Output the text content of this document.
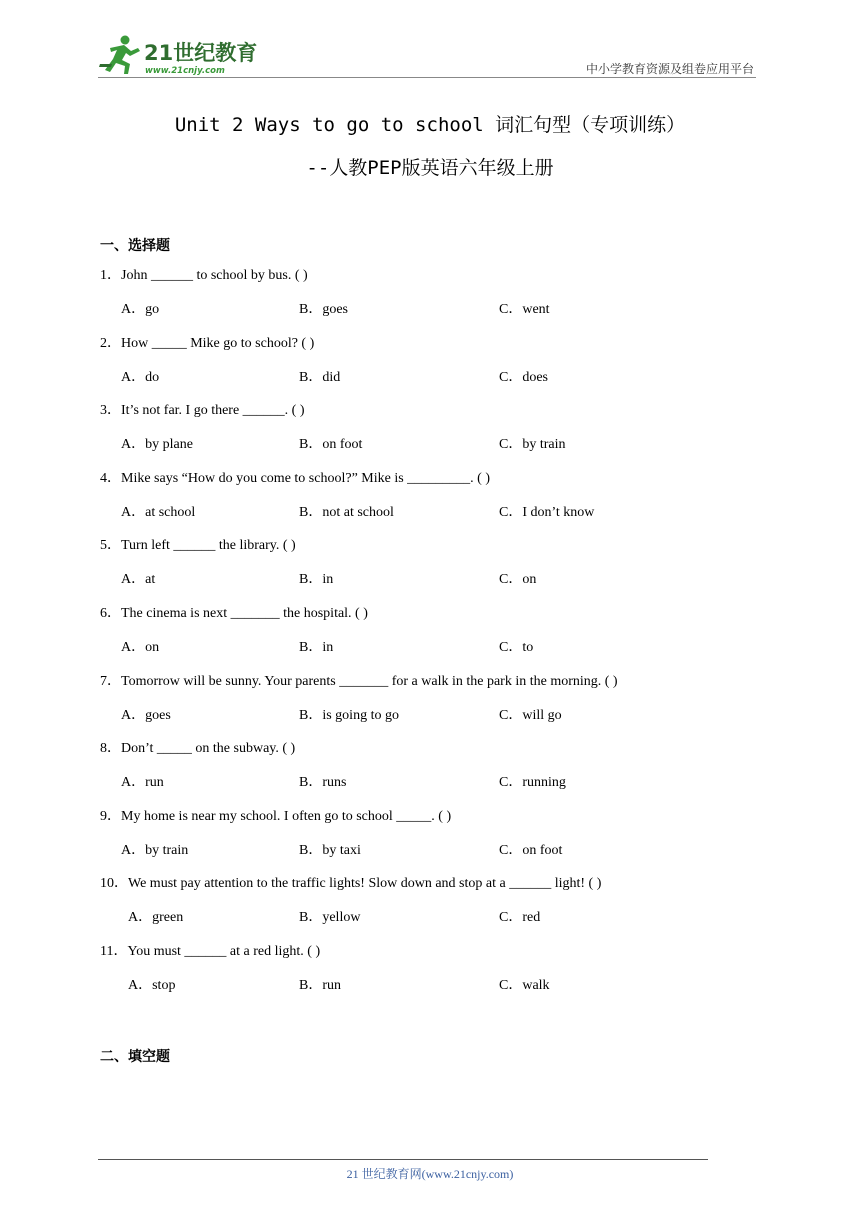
21世纪教育
www.21cnjy.com	中小学教育资源及组卷应用平台
Unit 2 Ways to go to school 词汇句型（专项训练）
--人教PEP版英语六年级上册
一、选择题
1．John ______ to school by bus. ( )
A．go	B．goes	C．went
2．How _____ Mike go to school? ( )
A．do	B．did	C．does
3．It’s not far. I go there ______. ( )
A．by plane	B．on foot	C．by train
4．Mike says “How do you come to school?” Mike is _________. ( )
A．at school	B．not at school	C．I don’t know
5．Turn left ______ the library. ( )
A．at	B．in	C．on
6．The cinema is next _______ the hospital. ( )
A．on	B．in	C．to
7．Tomorrow will be sunny. Your parents _______ for a walk in the park in the morning. ( )
A．goes	B．is going to go	C．will go
8．Don’t _____ on the subway. ( )
A．run	B．runs	C．running
9．My home is near my school. I often go to school _____. ( )
A．by train	B．by taxi	C．on foot
10．We must pay attention to the traffic lights! Slow down and stop at a ______ light! ( )
A．green	B．yellow	C．red
11．You must ______ at a red light. ( )
A．stop	B．run	C．walk
二、填空题
21 世纪教育网(www.21cnjy.com)
